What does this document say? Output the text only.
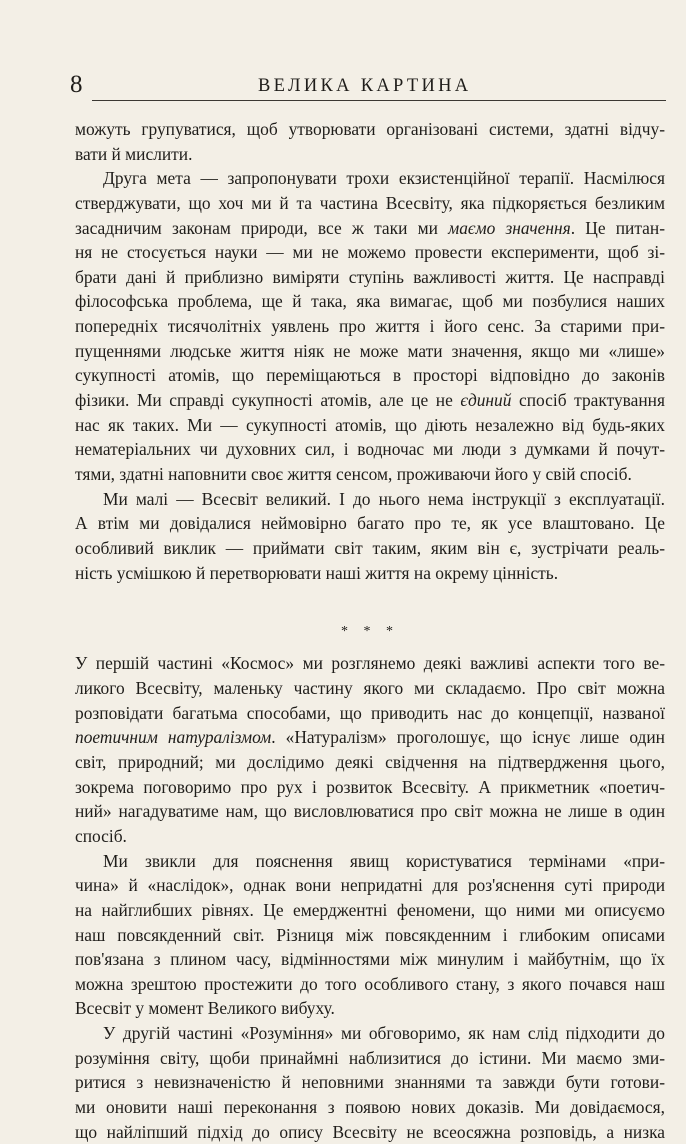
8	ВЕЛИКА КАРТИНА
можуть групуватися, щоб утворювати організовані системи, здатні відчу-
вати й мислити.
Друга мета — запропонувати трохи екзистенційної терапії. Насмілюся
стверджувати, що хоч ми й та частина Всесвіту, яка підкоряється безликим
засадничим законам природи, все ж таки ми маємо значення. Це питан-
ня не стосується науки — ми не можемо провести експерименти, щоб зі-
брати дані й приблизно виміряти ступінь важливості життя. Це насправді
філософська проблема, ще й така, яка вимагає, щоб ми позбулися наших
попередніх тисячолітніх уявлень про життя і його сенс. За старими при-
пущеннями людське життя ніяк не може мати значення, якщо ми «лише»
сукупності атомів, що переміщаються в просторі відповідно до законів
фізики. Ми справді сукупності атомів, але це не єдиний спосіб трактування
нас як таких. Ми — сукупності атомів, що діють незалежно від будь-яких
нематеріальних чи духовних сил, і водночас ми люди з думками й почут-
тями, здатні наповнити своє життя сенсом, проживаючи його у свій спосіб.
Ми малі — Всесвіт великий. І до нього нема інструкції з експлуатації.
А втім ми довідалися неймовірно багато про те, як усе влаштовано. Це
особливий виклик — приймати світ таким, яким він є, зустрічати реаль-
ність усмішкою й перетворювати наші життя на окрему цінність.
* * *
У першій частині «Космос» ми розглянемо деякі важливі аспекти того ве-
ликого Всесвіту, маленьку частину якого ми складаємо. Про світ можна
розповідати багатьма способами, що приводить нас до концепції, названої
поетичним натуралізмом. «Натуралізм» проголошує, що існує лише один
світ, природний; ми дослідимо деякі свідчення на підтвердження цього,
зокрема поговоримо про рух і розвиток Всесвіту. А прикметник «поетич-
ний» нагадуватиме нам, що висловлюватися про світ можна не лише в один
спосіб.
Ми звикли для пояснення явищ користуватися термінами «при-
чина» й «наслідок», однак вони непридатні для роз'яснення суті природи
на найглибших рівнях. Це емерджентні феномени, що ними ми описуємо
наш повсякденний світ. Різниця між повсякденним і глибоким описами
пов'язана з плином часу, відмінностями між минулим і майбутнім, що їх
можна зрештою простежити до того особливого стану, з якого почався наш
Всесвіт у момент Великого вибуху.
У другій частині «Розуміння» ми обговоримо, як нам слід підходити до
розуміння світу, щоби принаймні наблизитися до істини. Ми маємо зми-
ритися з невизначеністю й неповними знаннями та завжди бути готови-
ми оновити наші переконання з появою нових доказів. Ми довідаємося,
що найліпший підхід до опису Всесвіту не всеосяжна розповідь, а низка
